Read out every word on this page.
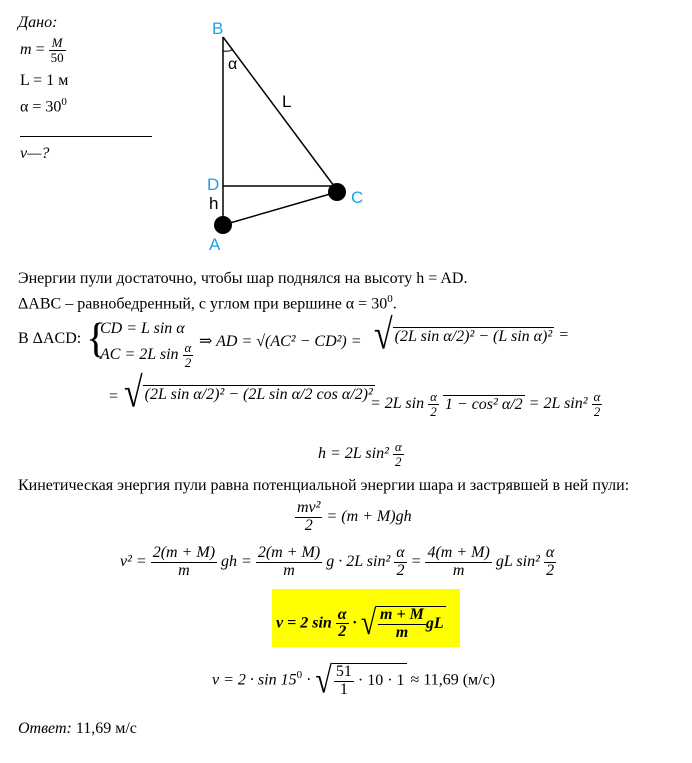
Дано:
$m = \frac{M}{50}$
L = 1 м
$\alpha = 30^0$
v—?
B
α
L
D
C
h
A
Энергии пули достаточно, чтобы шар поднялся на высоту h = AD.
ΔABC – равнобедренный, с углом при вершине $\alpha = 30^0$.
В ΔACD: {
CD = L sin α
AC = 2L $\sin \frac{\alpha}{2}$ ⇒ AD = √(AC² − CD²) = √ (2L sin α/2)² − (L sin α)² =
= √ (2L sin α/2)² − (2L sin α/2 cos α/2)²
= 2L $\sin \frac{\alpha}{2} 1 - \cos^2$ α/2 = 2L $\sin^2 \frac{\alpha}{2}$
h = 2L $\sin^2 \frac{\alpha}{2}$
Кинетическая энергия пули равна потенциальной энергии шара и застрявшей в ней пули:
$\frac{\text{mv²}}{2} = (m + M)gh$
$v^2 = \frac{2(m + M)}{m}$ gh = $\frac{2(m + M)}{m}$ g · 2L $\sin^2 \frac{\alpha}{2} = \frac{4(m + M)}{m}$ gL $\sin^2 \frac{\alpha}{2}$
v = 2 $\sin \frac{\alpha}{2}$ · √ $\frac{m + M}{m}$ gL
$v = 2 \cdot \sin 15^0$ · √ $\frac{51}{1} \cdot 10 \cdot 1 \approx 11,69$ (м/с)
Ответ: 11,69 м/с
